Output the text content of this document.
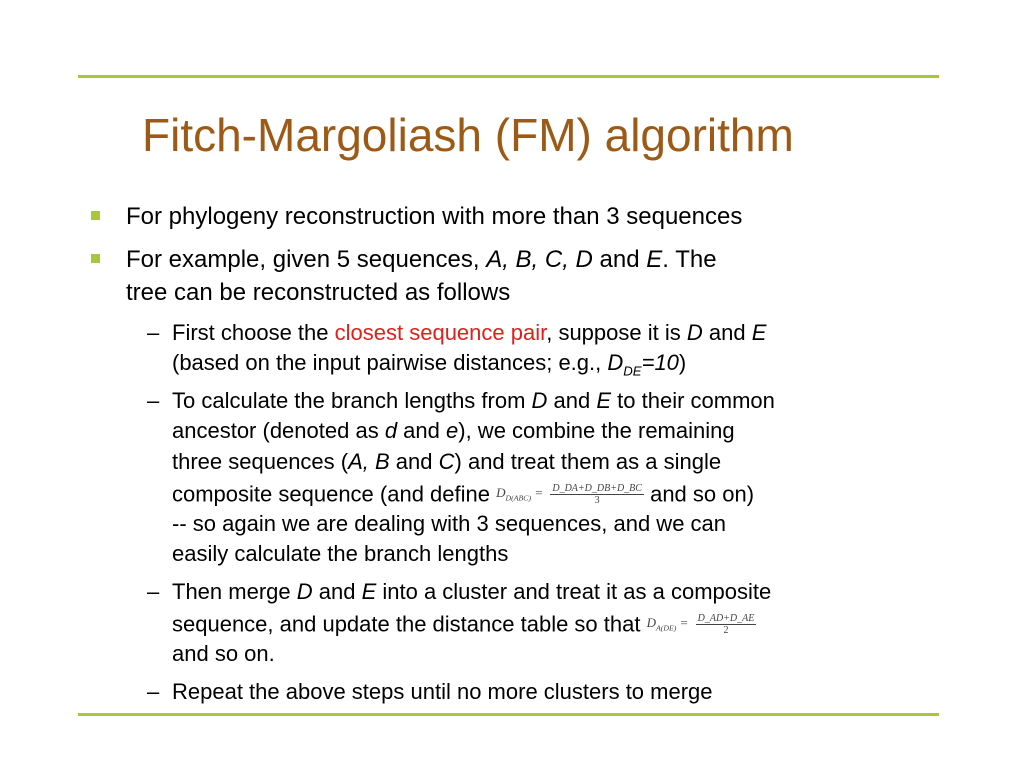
Fitch-Margoliash (FM) algorithm
For phylogeny reconstruction with more than 3 sequences
For example, given 5 sequences, A, B, C, D and E. The
tree can be reconstructed as follows
– First choose the closest sequence pair, suppose it is D and E
(based on the input pairwise distances; e.g., $D_{DE}=10$)
– To calculate the branch lengths from D and E to their common
ancestor (denoted as d and e), we combine the remaining
three sequences (A, B and C) and treat them as a single
composite sequence (and define $D_{D(ABC)} = \frac{D\_DA+D\_DB+D\_BC}{3}$ and so on)
-- so again we are dealing with 3 sequences, and we can
easily calculate the branch lengths
– Then merge D and E into a cluster and treat it as a composite
sequence, and update the distance table so that $D_{A(DE)} = \frac{D\_AD+D\_AE}{2}$
and so on.
– Repeat the above steps until no more clusters to merge
